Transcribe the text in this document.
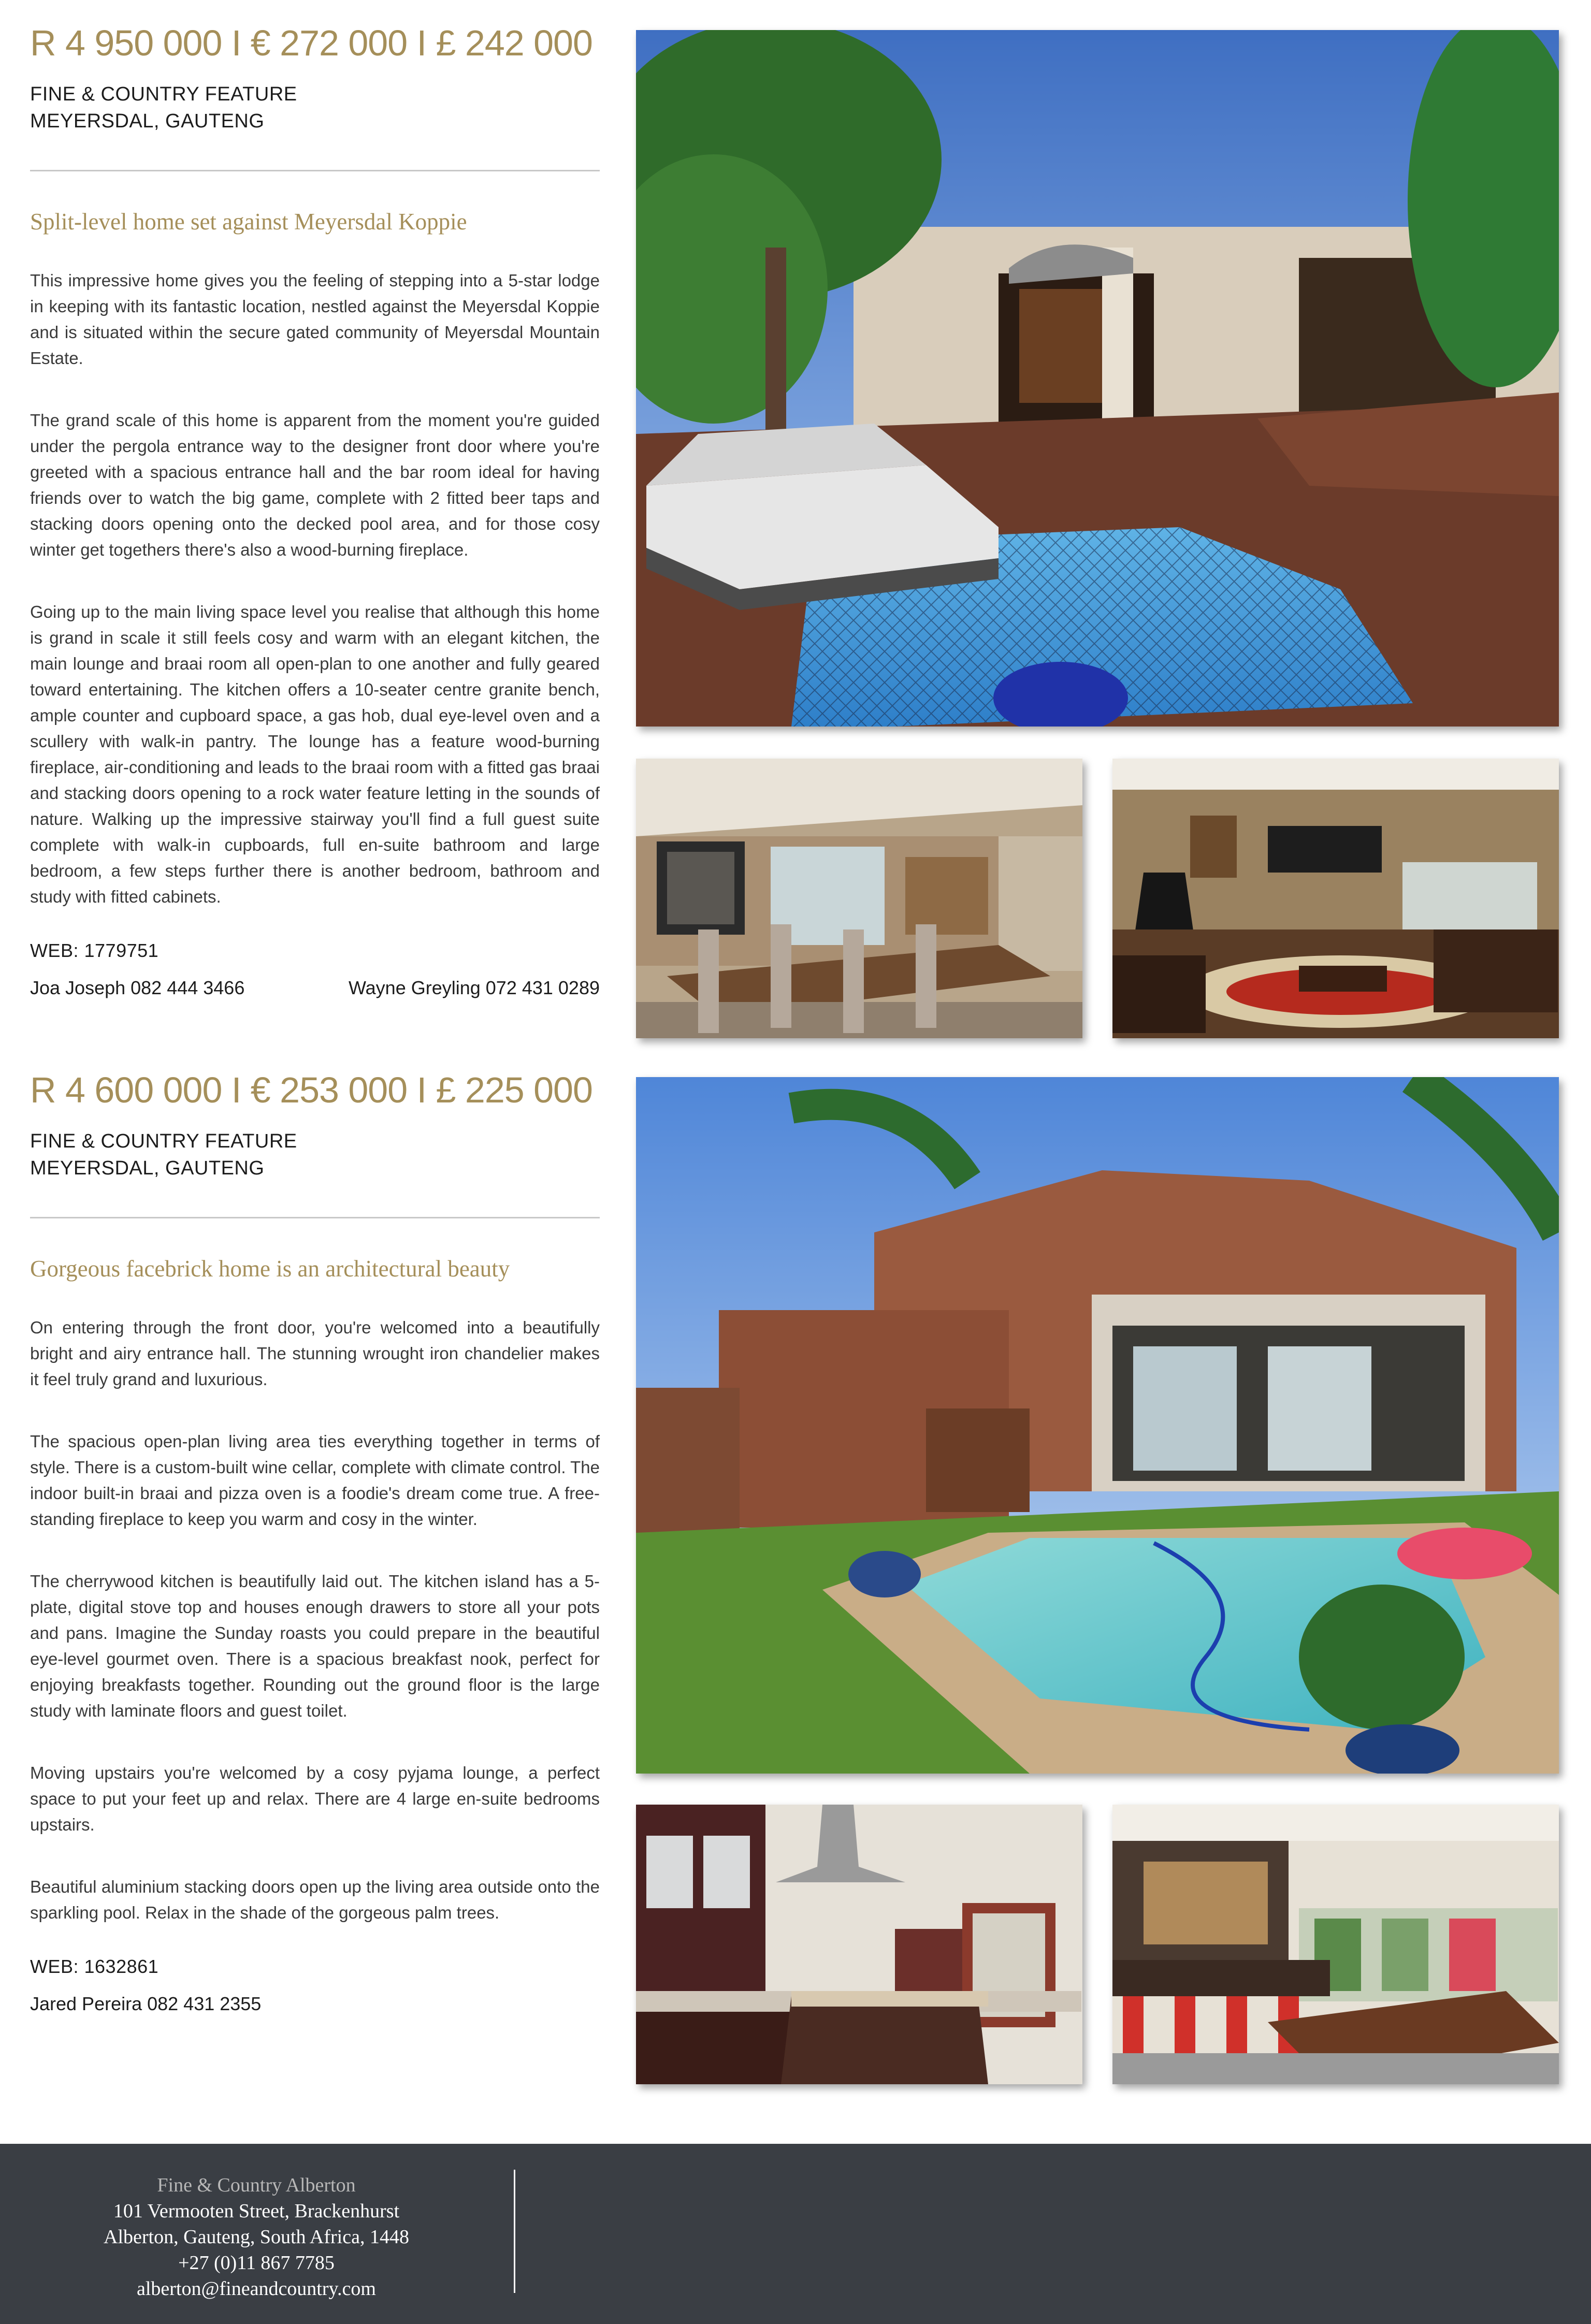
R 4 950 000 I € 272 000 I £ 242 000
FINE & COUNTRY FEATURE
MEYERSDAL, GAUTENG
Split-level home set against Meyersdal Koppie

This impressive home gives you the feeling of stepping into a 5-star lodge in keeping with its fantastic location, nestled against the Meyersdal Koppie and is situated within the secure gated community of Meyersdal Mountain Estate.

The grand scale of this home is apparent from the moment you're guided under the pergola entrance way to the designer front door where you're greeted with a spacious entrance hall and the bar room ideal for having friends over to watch the big game, complete with 2 fitted beer taps and stacking doors opening onto the decked pool area, and for those cosy winter get togethers there's also a wood-burning fireplace.

Going up to the main living space level you realise that although this home is grand in scale it still feels cosy and warm with an elegant kitchen, the main lounge and braai room all open-plan to one another and fully geared toward entertaining. The kitchen offers a 10-seater centre granite bench, ample counter and cupboard space, a gas hob, dual eye-level oven and a scullery with walk-in pantry. The lounge has a feature wood-burning fireplace, air-conditioning and leads to the braai room with a fitted gas braai and stacking doors opening to a rock water feature letting in the sounds of nature. Walking up the impressive stairway you'll find a full guest suite complete with walk-in cupboards, full en-suite bathroom and large bedroom, a few steps further there is another bedroom, bathroom and study with fitted cabinets.

WEB: 1779751
Joa Joseph 082 444 3466	Wayne Greyling 072 431 0289
R 4 600 000 I € 253 000 I £ 225 000
FINE & COUNTRY FEATURE
MEYERSDAL, GAUTENG
Gorgeous facebrick home is an architectural beauty

On entering through the front door, you're welcomed into a beautifully bright and airy entrance hall. The stunning wrought iron chandelier makes it feel truly grand and luxurious.

The spacious open-plan living area ties everything together in terms of style. There is a custom-built wine cellar, complete with climate control. The indoor built-in braai and pizza oven is a foodie's dream come true. A free-standing fireplace to keep you warm and cosy in the winter.

The cherrywood kitchen is beautifully laid out. The kitchen island has a 5-plate, digital stove top and houses enough drawers to store all your pots and pans. Imagine the Sunday roasts you could prepare in the beautiful eye-level gourmet oven. There is a spacious breakfast nook, perfect for enjoying breakfasts together. Rounding out the ground floor is the large study with laminate floors and guest toilet.

Moving upstairs you're welcomed by a cosy pyjama lounge, a perfect space to put your feet up and relax. There are 4 large en-suite bedrooms upstairs.

Beautiful aluminium stacking doors open up the living area outside onto the sparkling pool. Relax in the shade of the gorgeous palm trees.

WEB: 1632861
Jared Pereira 082 431 2355
Fine & Country Alberton
101 Vermooten Street, Brackenhurst
Alberton, Gauteng, South Africa, 1448
+27 (0)11 867 7785
alberton@fineandcountry.com
